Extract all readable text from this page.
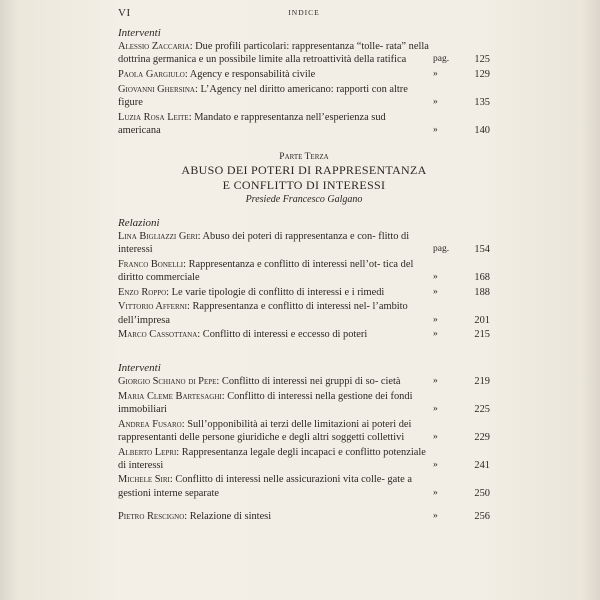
VI	INDICE

Interventi

Alessio Zaccaria: Due profili particolari: rappresentanza “tolle- rata” nella dottrina germanica e un possibile limite alla retroattività della ratifica	pag. 125
Paola Gargiulo: Agency e responsabilità civile	»	129
Giovanni Ghersina: L’Agency nel diritto americano: rapporti con altre figure	»	135
Luzia Rosa Leite: Mandato e rappresentanza nell’esperienza sud americana	»	140
Parte Terza
ABUSO DEI POTERI DI RAPPRESENTANZA
E CONFLITTO DI INTERESSI
Presiede Francesco Galgano

Relazioni

Lina Bigliazzi Geri: Abuso dei poteri di rappresentanza e con- flitto di interessi	pag. 154
Franco Bonelli: Rappresentanza e conflitto di interessi nell’ot- tica del diritto commerciale	»	168
Enzo Roppo: Le varie tipologie di conflitto di interessi e i rimedi	»	188
Vittorio Afferni: Rappresentanza e conflitto di interessi nel- l’ambito dell’impresa	»	201
Marco Cassottana: Conflitto di interessi e eccesso di poteri	»	215

Interventi

Giorgio Schiano di Pepe: Conflitto di interessi nei gruppi di so- cietà	»	219
Maria Cleme Bartesaghi: Conflitto di interessi nella gestione dei fondi immobiliari	»	225
Andrea Fusaro: Sull’opponibilità ai terzi delle limitazioni ai poteri dei rappresentanti delle persone giuridiche e degli altri soggetti collettivi	»	229
Alberto Lepri: Rappresentanza legale degli incapaci e conflitto potenziale di interessi	»	241
Michele Siri: Conflitto di interessi nelle assicurazioni vita colle- gate a gestioni interne separate	»	250
Pietro Rescigno: Relazione di sintesi	»	256
